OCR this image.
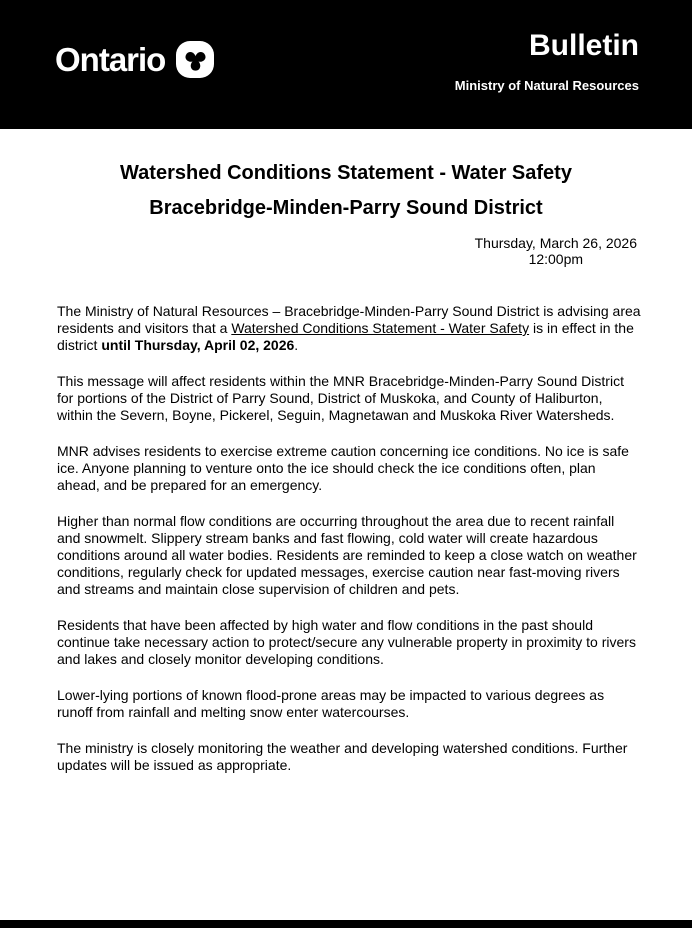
Ontario	Bulletin
Ministry of Natural Resources
Watershed Conditions Statement - Water Safety
Bracebridge-Minden-Parry Sound District
Thursday, March 26, 2026
12:00pm

The Ministry of Natural Resources – Bracebridge-Minden-Parry Sound District is advising area residents and visitors that a Watershed Conditions Statement - Water Safety is in effect in the district until Thursday, April 02, 2026.

This message will affect residents within the MNR Bracebridge-Minden-Parry Sound District for portions of the District of Parry Sound, District of Muskoka, and County of Haliburton, within the Severn, Boyne, Pickerel, Seguin, Magnetawan and Muskoka River Watersheds.

MNR advises residents to exercise extreme caution concerning ice conditions. No ice is safe ice. Anyone planning to venture onto the ice should check the ice conditions often, plan ahead, and be prepared for an emergency.

Higher than normal flow conditions are occurring throughout the area due to recent rainfall and snowmelt. Slippery stream banks and fast flowing, cold water will create hazardous conditions around all water bodies. Residents are reminded to keep a close watch on weather conditions, regularly check for updated messages, exercise caution near fast-moving rivers and streams and maintain close supervision of children and pets.

Residents that have been affected by high water and flow conditions in the past should continue take necessary action to protect/secure any vulnerable property in proximity to rivers and lakes and closely monitor developing conditions.

Lower-lying portions of known flood-prone areas may be impacted to various degrees as runoff from rainfall and melting snow enter watercourses.

The ministry is closely monitoring the weather and developing watershed conditions. Further updates will be issued as appropriate.
